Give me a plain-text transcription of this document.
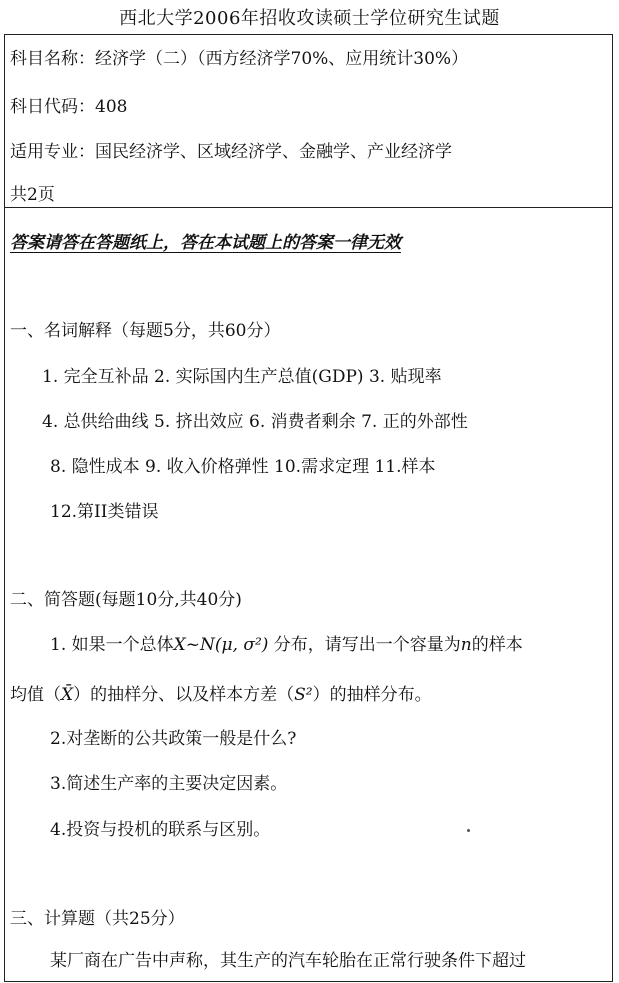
西北大学2006年招收攻读硕士学位研究生试题
科目名称：经济学（二）（西方经济学70%、应用统计30%）
科日代码：408
适用专业：国民经济学、区域经济学、金融学、产业经济学
共2页
答案请答在答题纸上，答在本试题上的答案一律无效
一、名词解释（每题5分，共60分）
1. 完全互补品 2. 实际国内生产总值(GDP) 3. 贴现率
4. 总供给曲线 5. 挤出效应 6. 消费者剩余 7. 正的外部性
8. 隐性成本 9. 收入价格弹性 10.需求定理 11.样本
12.第II类错误
二、简答题(每题10分,共40分)
1. 如果一个总体X~N(μ, σ²) 分布，请写出一个容量为n的样本
均值（X̄）的抽样分、以及样本方差（S²）的抽样分布。
2.对垄断的公共政策一般是什么?
3.简述生产率的主要决定因素。
4.投资与投机的联系与区别。
三、计算题（共25分）
某厂商在广告中声称，其生产的汽车轮胎在正常行驶条件下超过
